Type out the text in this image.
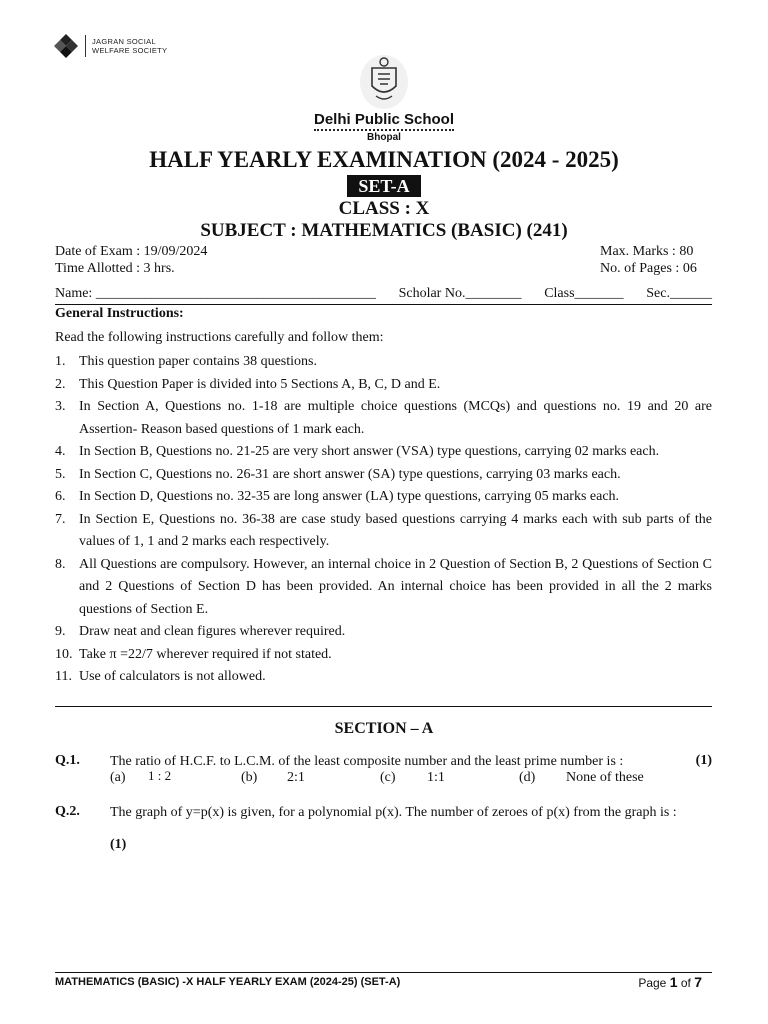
JAGRAN SOCIAL
WELFARE SOCIETY
Delhi Public School
Bhopal
HALF YEARLY EXAMINATION (2024 - 2025)
SET-A
CLASS : X
SUBJECT : MATHEMATICS (BASIC) (241)
Date of Exam : 19/09/2024	Max. Marks : 80
Time Allotted : 3 hrs.	No. of Pages : 06
Name: ________________________________________ Scholar No.________ Class_______ Sec.______
General Instructions:
Read the following instructions carefully and follow them:
1. This question paper contains 38 questions.
2. This Question Paper is divided into 5 Sections A, B, C, D and E.
3. In Section A, Questions no. 1-18 are multiple choice questions (MCQs) and questions no. 19 and 20 are Assertion- Reason based questions of 1 mark each.
4. In Section B, Questions no. 21-25 are very short answer (VSA) type questions, carrying 02 marks each.
5. In Section C, Questions no. 26-31 are short answer (SA) type questions, carrying 03 marks each.
6. In Section D, Questions no. 32-35 are long answer (LA) type questions, carrying 05 marks each.
7. In Section E, Questions no. 36-38 are case study based questions carrying 4 marks each with sub parts of the values of 1, 1 and 2 marks each respectively.
8. All Questions are compulsory. However, an internal choice in 2 Question of Section B, 2 Questions of Section C and 2 Questions of Section D has been provided. An internal choice has been provided in all the 2 marks questions of Section E.
9. Draw neat and clean figures wherever required.
10. Take π =22/7 wherever required if not stated.
11. Use of calculators is not allowed.
SECTION – A
Q.1. The ratio of H.C.F. to L.C.M. of the least composite number and the least prime number is :	(1)
(a) 1 : 2	(b) 2:1	(c) 1:1	(d) None of these
Q.2. The graph of y=p(x) is given, for a polynomial p(x). The number of zeroes of p(x) from the graph is :
(1)
MATHEMATICS (BASIC) -X HALF YEARLY EXAM (2024-25) (SET-A)	Page 1 of 7
